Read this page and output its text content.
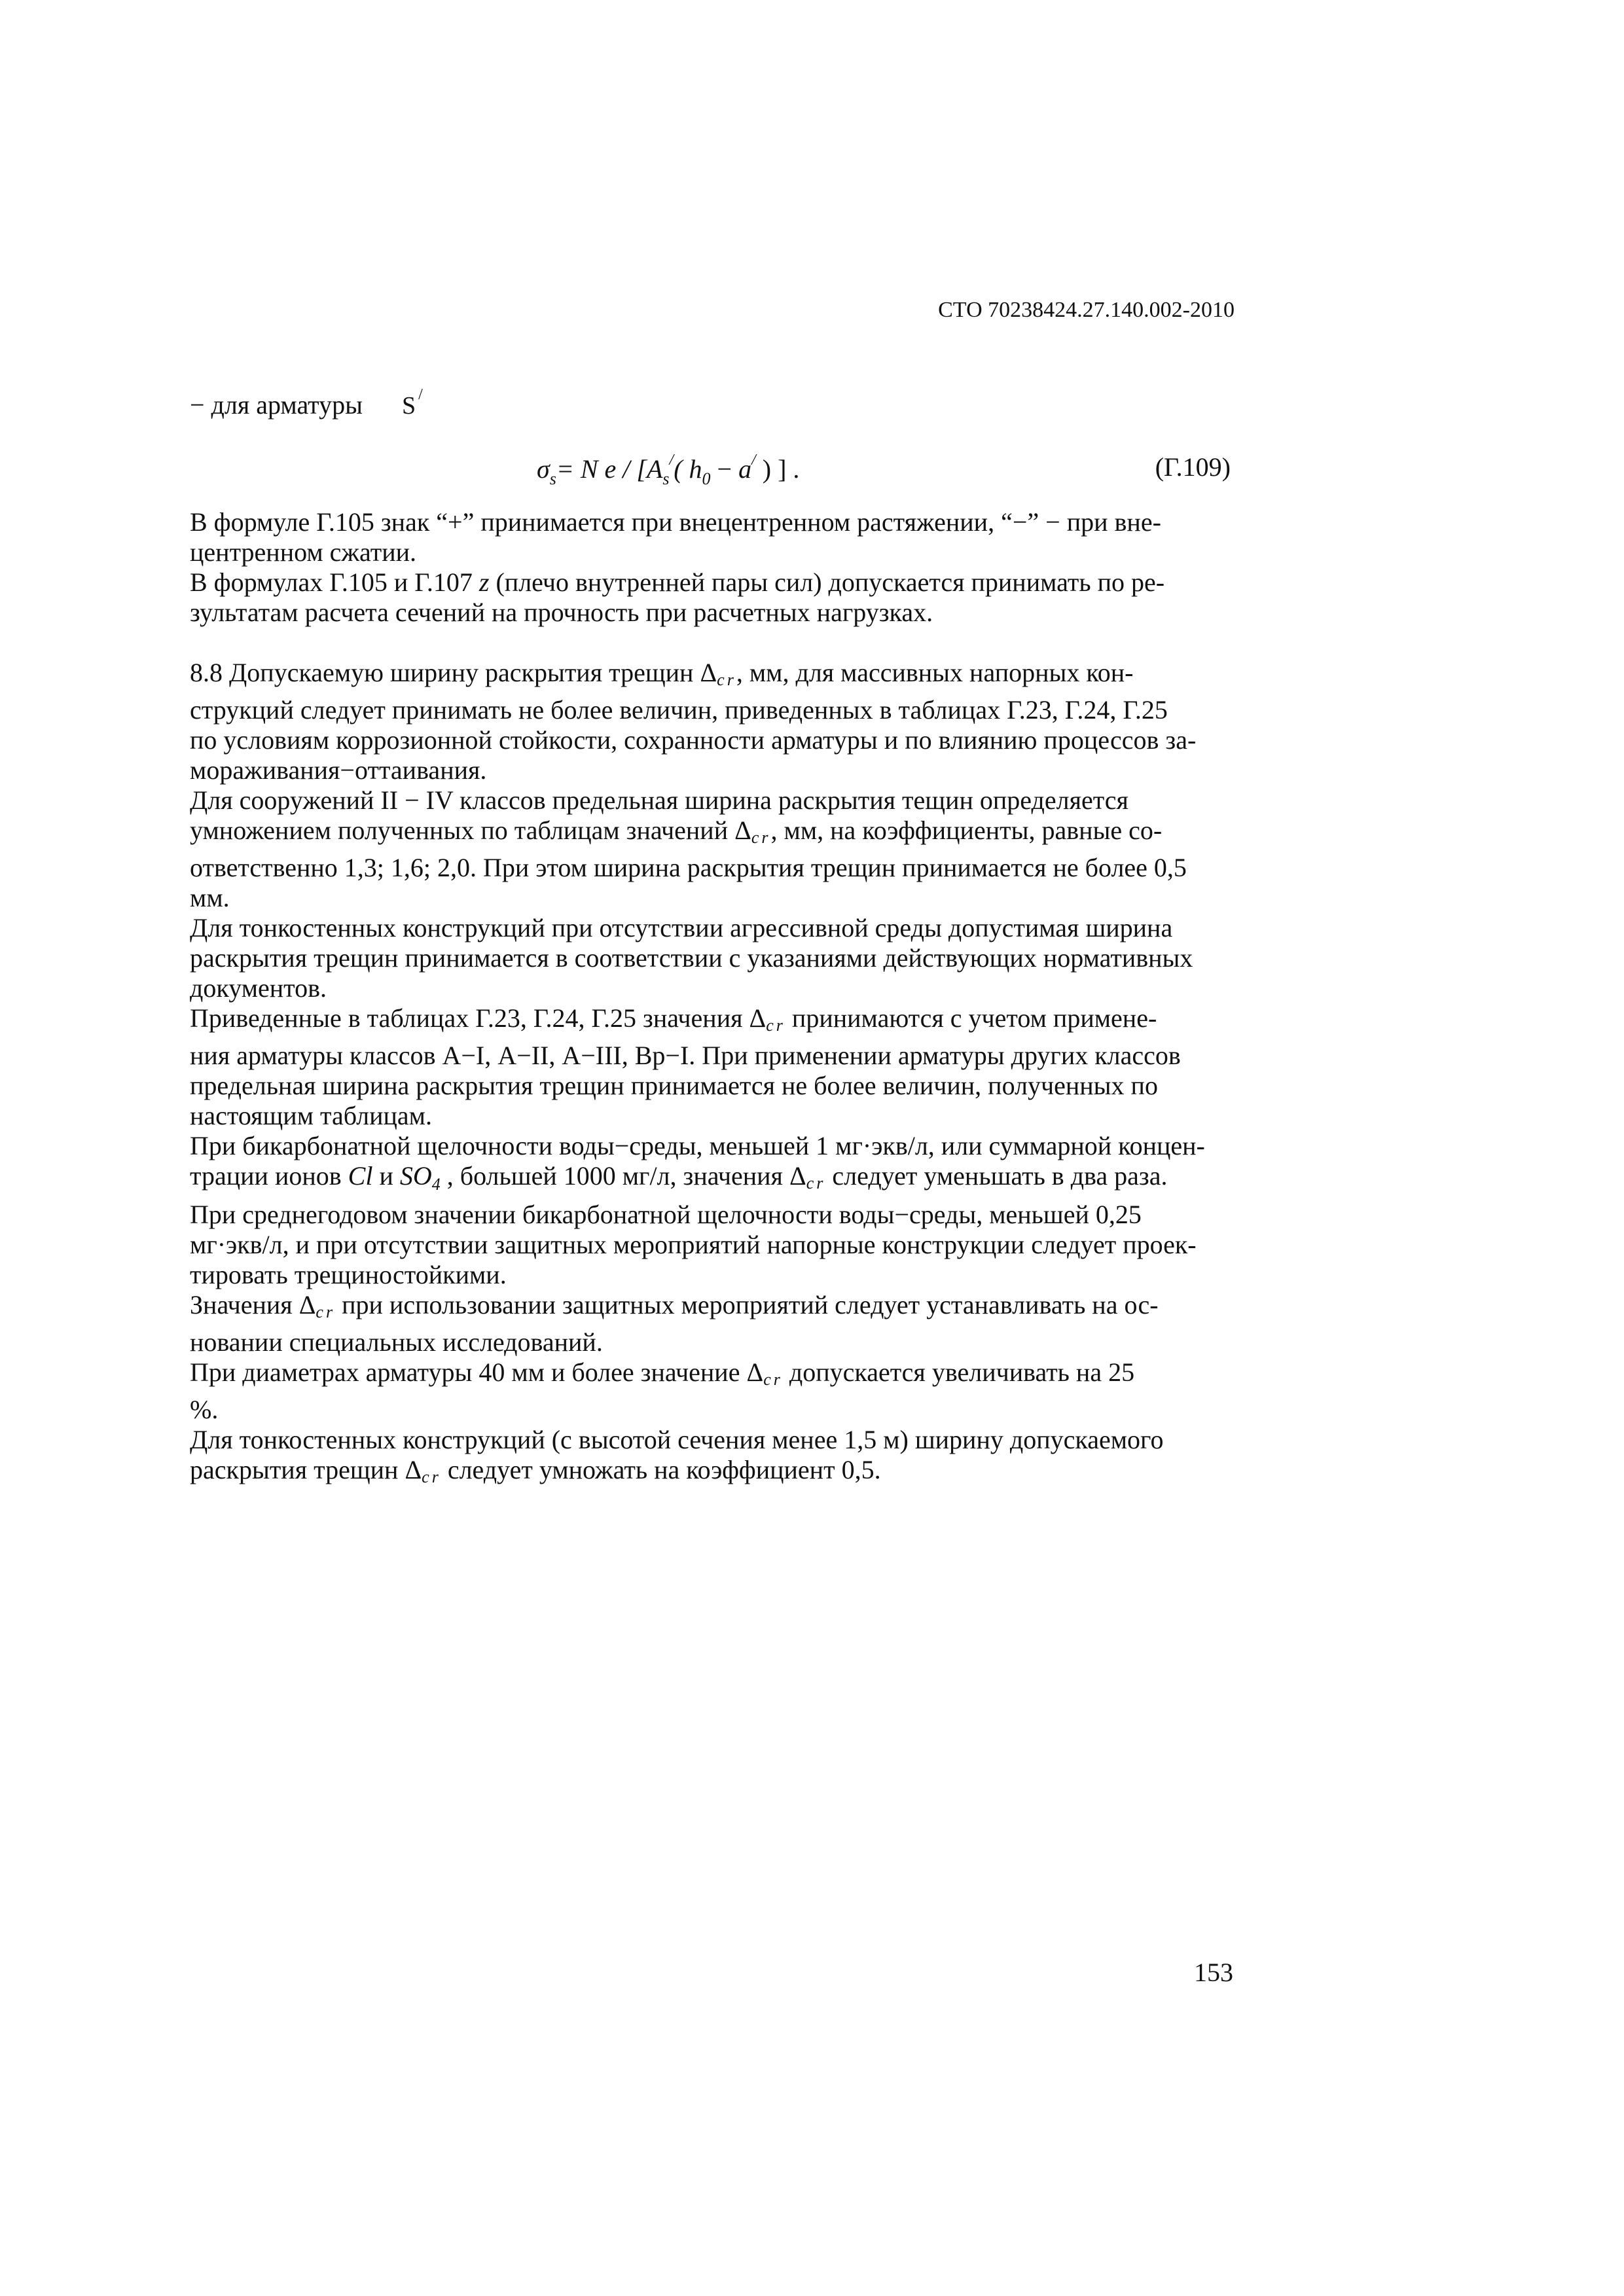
СТО 70238424.27.140.002-2010
− для арматуры S /
$\sigma_s= N$ e / [$A_s^/$( $h_0 - a^/$ ) ] .	(Г.109)

В формуле Г.105 знак “+” принимается при внецентренном растяжении, “−” − при вне-

центренном сжатии.

В формулах Г.105 и Г.107 z (плечо внутренней пары сил) допускается принимать по ре-

зультатам расчета сечений на прочность при расчетных нагрузках.

8.8 Допускаемую ширину раскрытия трещин Δcr, мм, для массивных напорных кон-

струкций следует принимать не более величин, приведенных в таблицах Г.23, Г.24, Г.25

по условиям коррозионной стойкости, сохранности арматуры и по влиянию процессов за-

мораживания−оттаивания.

Для сооружений II − IV классов предельная ширина раскрытия тещин определяется

умножением полученных по таблицам значений Δcr, мм, на коэффициенты, равные со-

ответственно 1,3; 1,6; 2,0. При этом ширина раскрытия трещин принимается не более 0,5

мм.

Для тонкостенных конструкций при отсутствии агрессивной среды допустимая ширина

раскрытия трещин принимается в соответствии с указаниями действующих нормативных

документов.

Приведенные в таблицах Г.23, Г.24, Г.25 значения Δcr принимаются с учетом примене-

ния арматуры классов А−I, А−II, А−III, Вр−I. При применении арматуры других классов

предельная ширина раскрытия трещин принимается не более величин, полученных по

настоящим таблицам.

При бикарбонатной щелочности воды−среды, меньшей 1 мг·экв/л, или суммарной концен-

трации ионов Cl и $SO_4$ , большей 1000 мг/л, значения Δcr следует уменьшать в два раза.

При среднегодовом значении бикарбонатной щелочности воды−среды, меньшей 0,25

мг·экв/л, и при отсутствии защитных мероприятий напорные конструкции следует проек-

тировать трещиностойкими.

Значения Δcr при использовании защитных мероприятий следует устанавливать на ос-

новании специальных исследований.

При диаметрах арматуры 40 мм и более значение Δcr допускается увеличивать на 25

%.

Для тонкостенных конструкций (с высотой сечения менее 1,5 м) ширину допускаемого

раскрытия трещин Δcr следует умножать на коэффициент 0,5.

153
